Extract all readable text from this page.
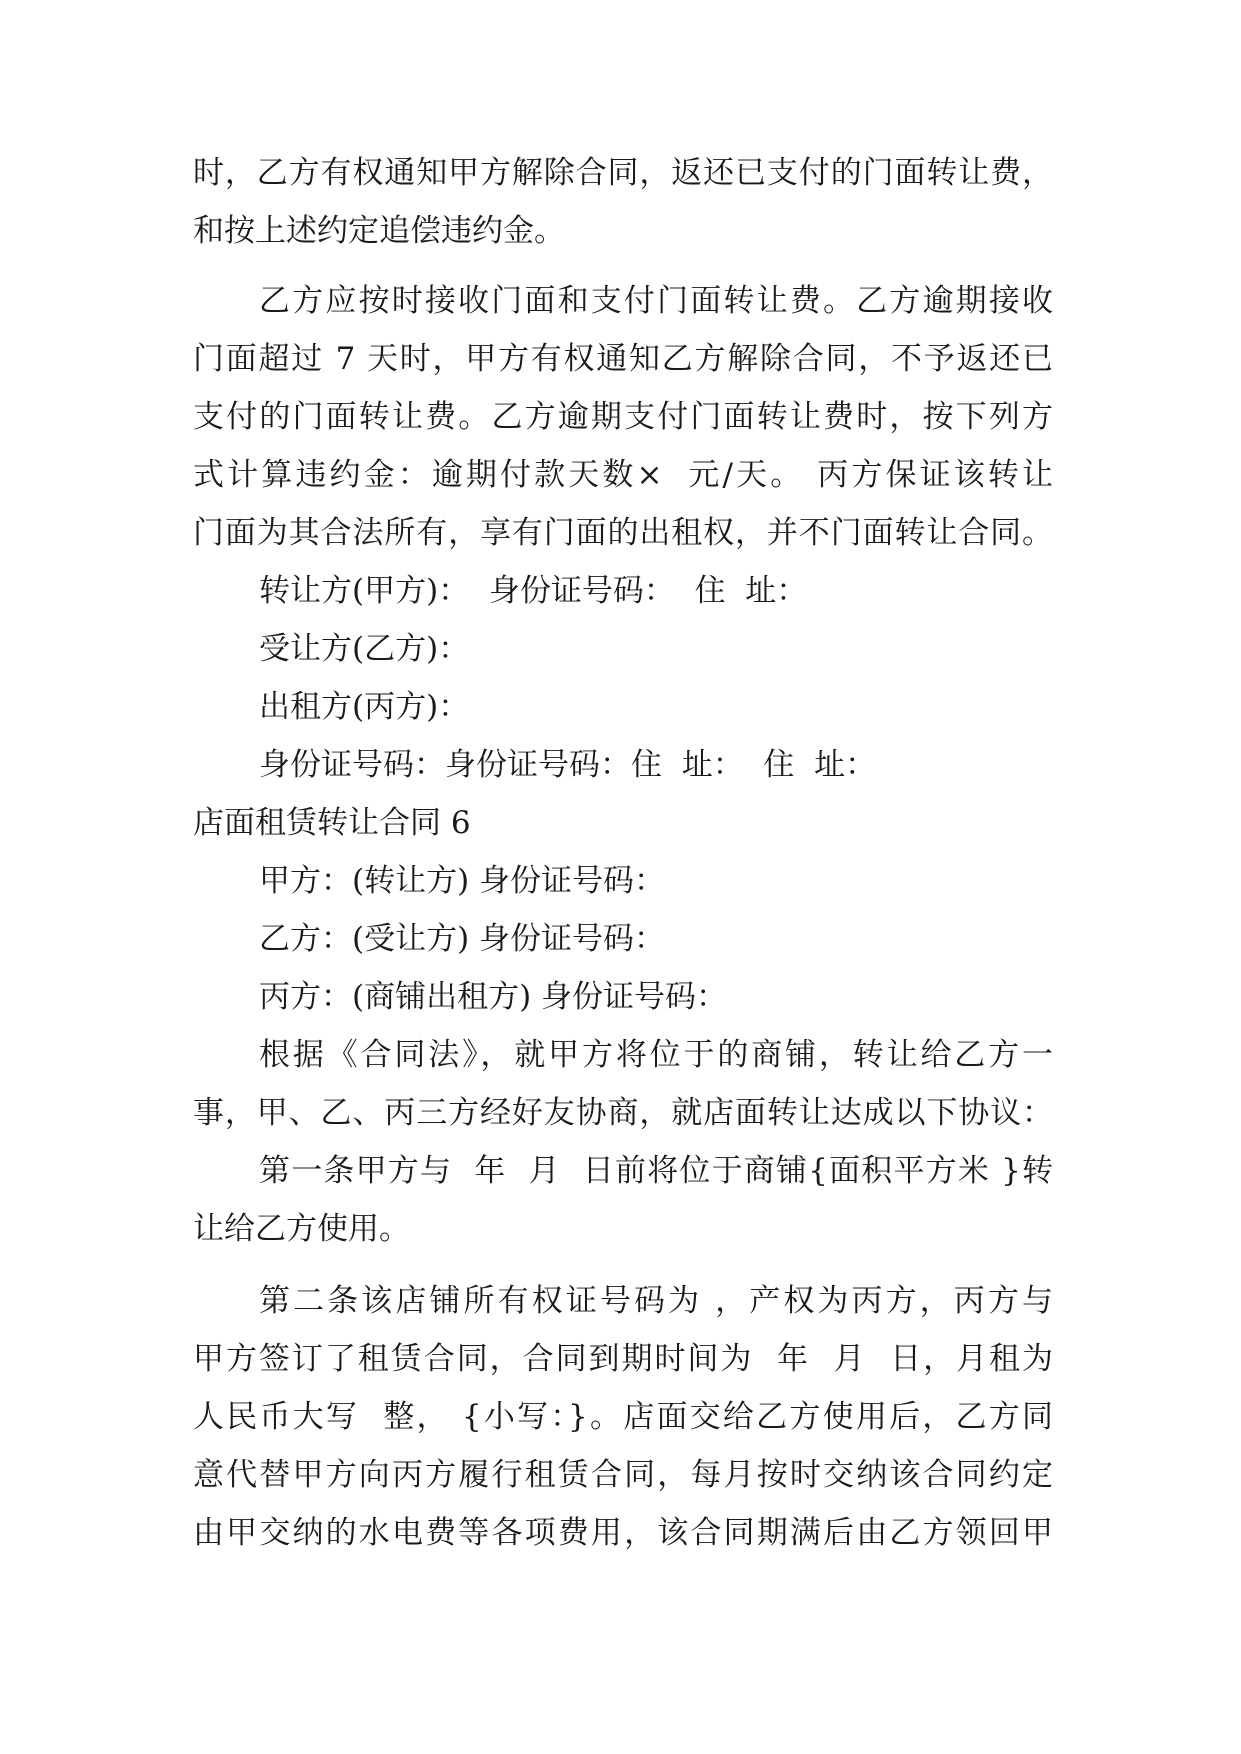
时，乙方有权通知甲方解除合同，返还已支付的门面转让费，
和按上述约定追偿违约金。
乙方应按时接收门面和支付门面转让费。乙方逾期接收
门面超过 7 天时，甲方有权通知乙方解除合同，不予返还已
支付的门面转让费。乙方逾期支付门面转让费时，按下列方
式计算违约金：逾期付款天数×  元/天。 丙方保证该转让
门面为其合法所有，享有门面的出租权，并不门面转让合同。
转让方(甲方)：  身份证号码：  住  址：
受让方(乙方)：
出租方(丙方)：
身份证号码：身份证号码：住  址：  住  址：
店面租赁转让合同 6
甲方：(转让方) 身份证号码：
乙方：(受让方) 身份证号码：
丙方：(商铺出租方) 身份证号码：
根据《合同法》，就甲方将位于的商铺，转让给乙方一
事，甲、乙、丙三方经好友协商，就店面转让达成以下协议：
第一条甲方与  年  月  日前将位于商铺{面积平方米 }转
让给乙方使用。
第二条该店铺所有权证号码为 ，产权为丙方，丙方与
甲方签订了租赁合同，合同到期时间为  年  月  日，月租为
人民币大写  整， {小写：}。店面交给乙方使用后，乙方同
意代替甲方向丙方履行租赁合同，每月按时交纳该合同约定
由甲交纳的水电费等各项费用，该合同期满后由乙方领回甲
